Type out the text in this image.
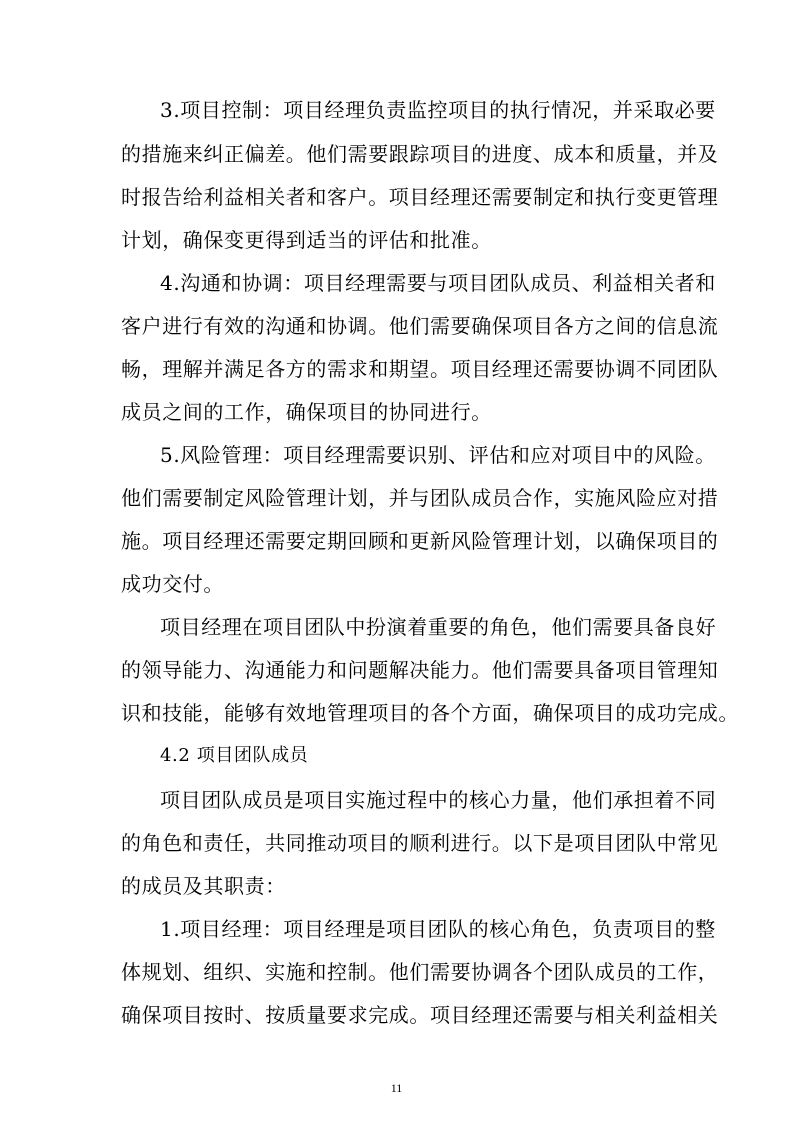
3.项目控制：项目经理负责监控项目的执行情况，并采取必要
的措施来纠正偏差。他们需要跟踪项目的进度、成本和质量，并及
时报告给利益相关者和客户。项目经理还需要制定和执行变更管理
计划，确保变更得到适当的评估和批准。
4.沟通和协调：项目经理需要与项目团队成员、利益相关者和
客户进行有效的沟通和协调。他们需要确保项目各方之间的信息流
畅，理解并满足各方的需求和期望。项目经理还需要协调不同团队
成员之间的工作，确保项目的协同进行。
5.风险管理：项目经理需要识别、评估和应对项目中的风险。
他们需要制定风险管理计划，并与团队成员合作，实施风险应对措
施。项目经理还需要定期回顾和更新风险管理计划，以确保项目的
成功交付。
项目经理在项目团队中扮演着重要的角色，他们需要具备良好
的领导能力、沟通能力和问题解决能力。他们需要具备项目管理知
识和技能，能够有效地管理项目的各个方面，确保项目的成功完成。
4.2 项目团队成员
项目团队成员是项目实施过程中的核心力量，他们承担着不同
的角色和责任，共同推动项目的顺利进行。以下是项目团队中常见
的成员及其职责：
1.项目经理：项目经理是项目团队的核心角色，负责项目的整
体规划、组织、实施和控制。他们需要协调各个团队成员的工作，
确保项目按时、按质量要求完成。项目经理还需要与相关利益相关
11
